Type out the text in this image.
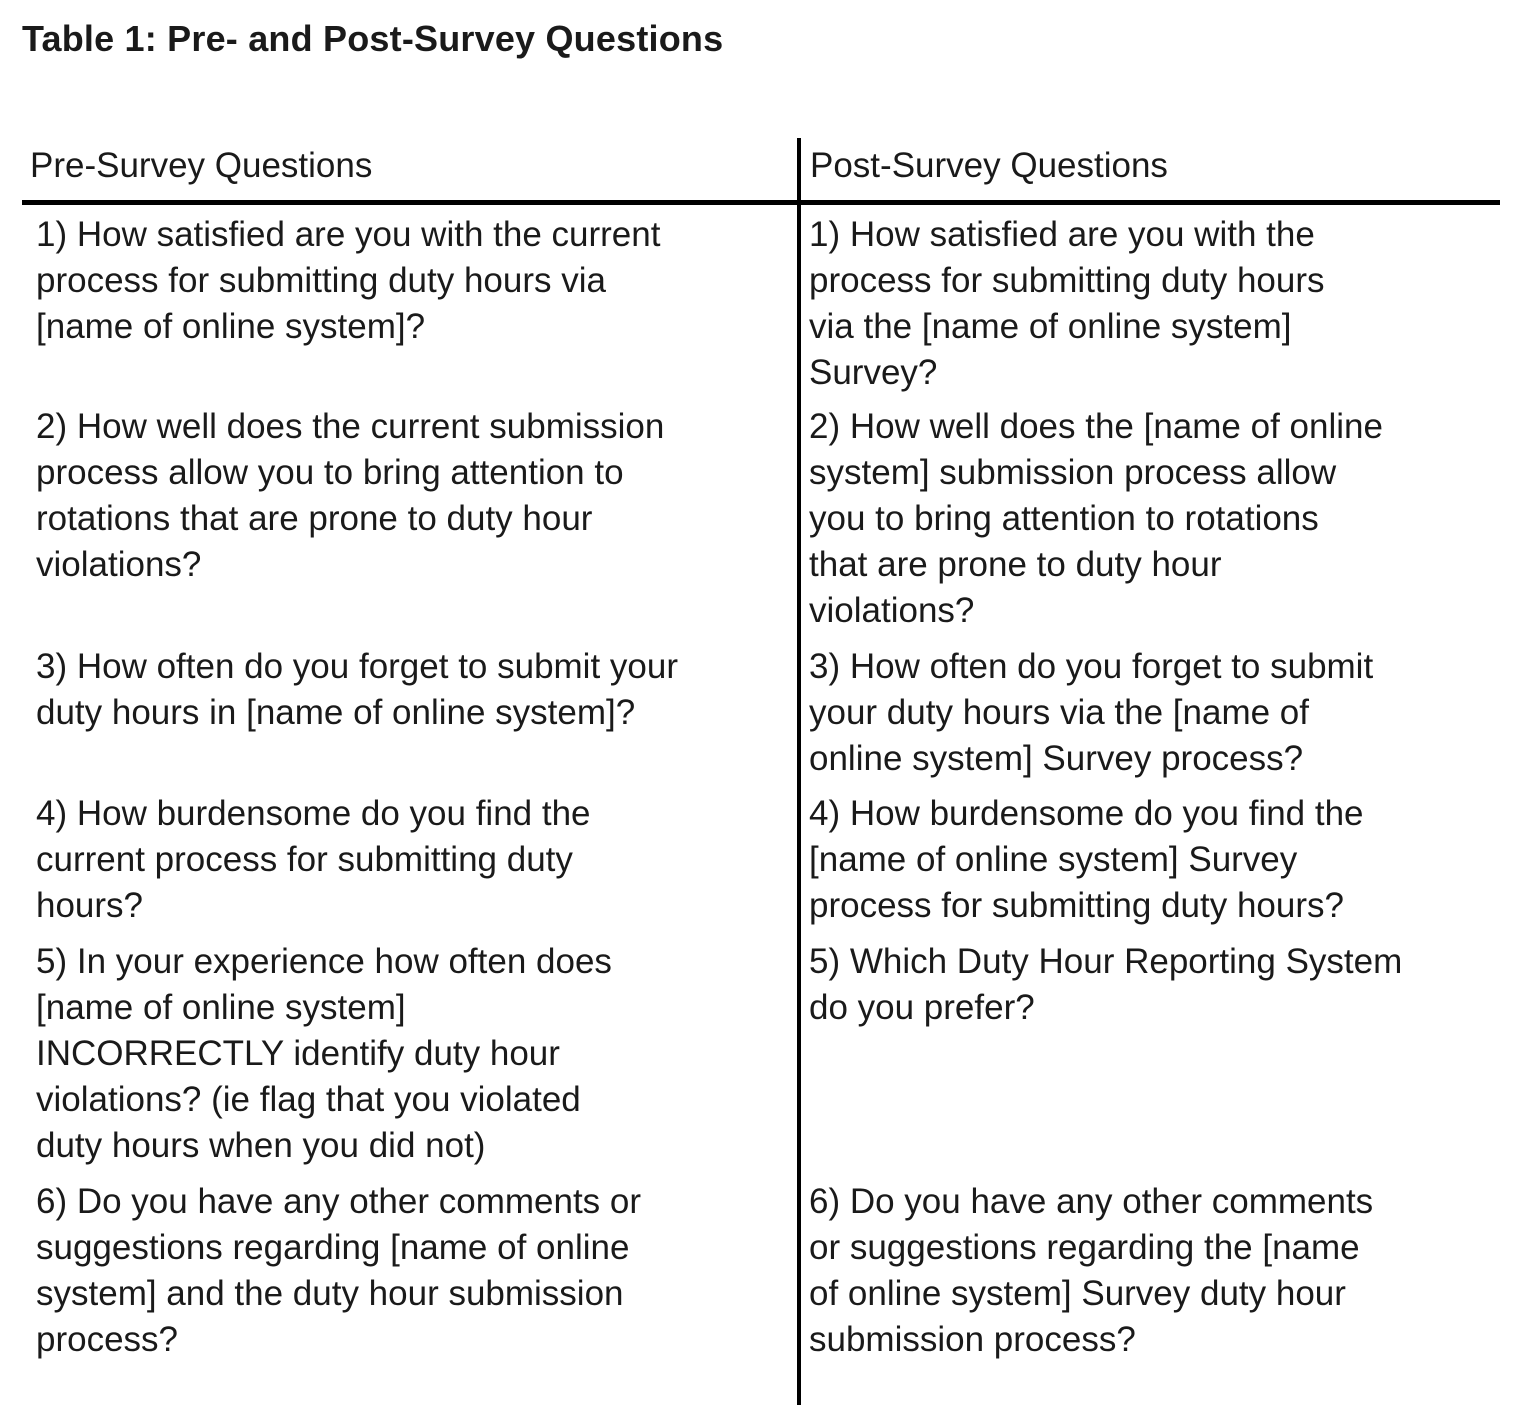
Table 1: Pre- and Post-Survey Questions
Pre-Survey Questions	Post-Survey Questions

1) How satisfied are you with the current
process for submitting duty hours via
[name of online system]?

2) How well does the current submission
process allow you to bring attention to
rotations that are prone to duty hour
violations?

3) How often do you forget to submit your
duty hours in [name of online system]?

4) How burdensome do you find the
current process for submitting duty
hours?

5) In your experience how often does
[name of online system]
INCORRECTLY identify duty hour
violations? (ie flag that you violated
duty hours when you did not)

6) Do you have any other comments or
suggestions regarding [name of online
system] and the duty hour submission
process?

1) How satisfied are you with the
process for submitting duty hours
via the [name of online system]
Survey?

2) How well does the [name of online
system] submission process allow
you to bring attention to rotations
that are prone to duty hour
violations?

3) How often do you forget to submit
your duty hours via the [name of
online system] Survey process?

4) How burdensome do you find the
[name of online system] Survey
process for submitting duty hours?

5) Which Duty Hour Reporting System
do you prefer?

6) Do you have any other comments
or suggestions regarding the [name
of online system] Survey duty hour
submission process?
